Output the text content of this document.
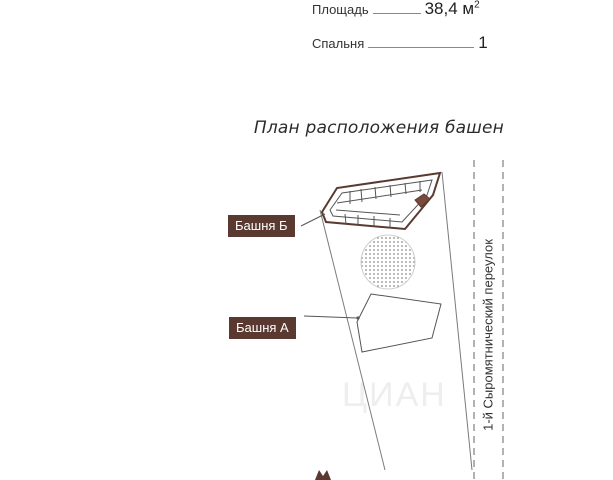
Площадь	38,4 $м^2$
Спальня	1
План расположения башен
ЦИАН
Башня Б
Башня А	1-й Сыромятнический переулок
